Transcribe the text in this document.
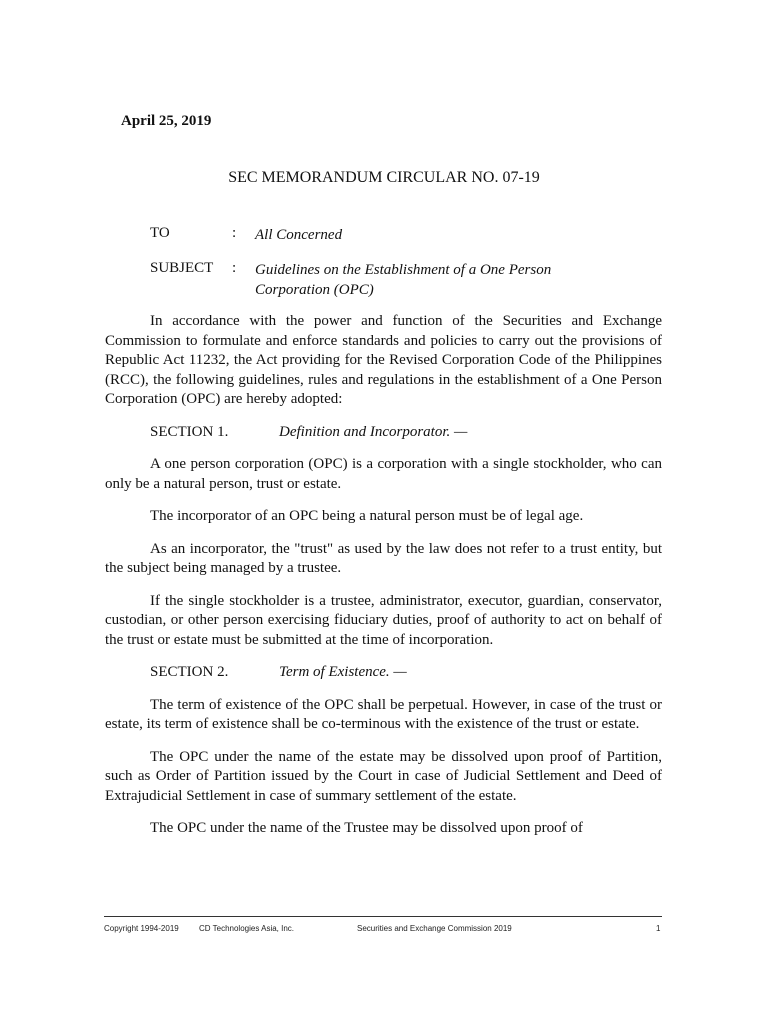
April 25, 2019
SEC MEMORANDUM CIRCULAR NO. 07-19
TO	: All Concerned
SUBJECT : Guidelines on the Establishment of a One Person
Corporation (OPC)

In accordance with the power and function of the Securities and Exchange Commission to formulate and enforce standards and policies to carry out the provisions of Republic Act 11232, the Act providing for the Revised Corporation Code of the Philippines (RCC), the following guidelines, rules and regulations in the establishment of a One Person Corporation (OPC) are hereby adopted:

SECTION 1.	Definition and Incorporator. —

A one person corporation (OPC) is a corporation with a single stockholder, who can only be a natural person, trust or estate.

The incorporator of an OPC being a natural person must be of legal age.

As an incorporator, the "trust" as used by the law does not refer to a trust entity, but the subject being managed by a trustee.

If the single stockholder is a trustee, administrator, executor, guardian, conservator, custodian, or other person exercising fiduciary duties, proof of authority to act on behalf of the trust or estate must be submitted at the time of incorporation.

SECTION 2.	Term of Existence. —

The term of existence of the OPC shall be perpetual. However, in case of the trust or estate, its term of existence shall be co-terminous with the existence of the trust or estate.

The OPC under the name of the estate may be dissolved upon proof of Partition, such as Order of Partition issued by the Court in case of Judicial Settlement and Deed of Extrajudicial Settlement in case of summary settlement of the estate.

The OPC under the name of the Trustee may be dissolved upon proof of

Copyright 1994-2019	CD Technologies Asia, Inc.	Securities and Exchange Commission 2019	1
